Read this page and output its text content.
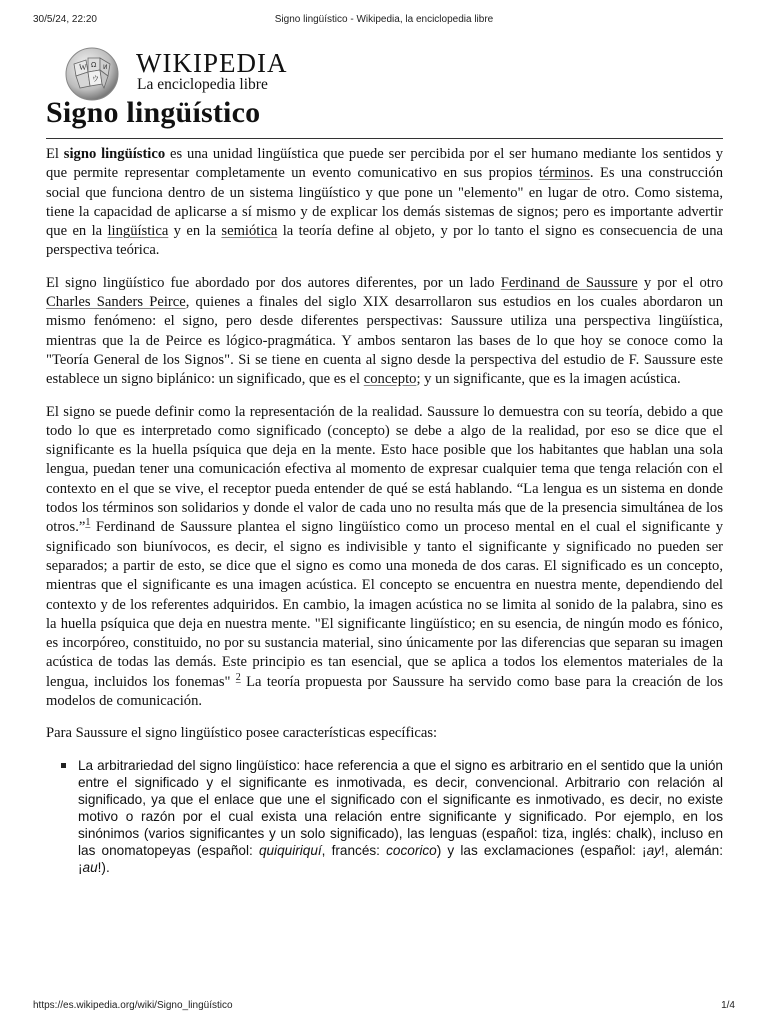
30/5/24, 22:20	Signo lingüístico - Wikipedia, la enciclopedia libre
W Ω
ウ
И WIKIPEDIA
La enciclopedia libre
Signo lingüístico

El signo lingüístico es una unidad lingüística que puede ser percibida por el ser humano mediante los sentidos y que permite representar completamente un evento comunicativo en sus propios términos. Es una construcción social que funciona dentro de un sistema lingüístico y que pone un "elemento" en lugar de otro. Como sistema, tiene la capacidad de aplicarse a sí mismo y de explicar los demás sistemas de signos; pero es importante advertir que en la lingüística y en la semiótica la teoría define al objeto, y por lo tanto el signo es consecuencia de una perspectiva teórica.

El signo lingüístico fue abordado por dos autores diferentes, por un lado Ferdinand de Saussure y por el otro Charles Sanders Peirce, quienes a finales del siglo XIX desarrollaron sus estudios en los cuales abordaron un mismo fenómeno: el signo, pero desde diferentes perspectivas: Saussure utiliza una perspectiva lingüística, mientras que la de Peirce es lógico-pragmática. Y ambos sentaron las bases de lo que hoy se conoce como la "Teoría General de los Signos". Si se tiene en cuenta al signo desde la perspectiva del estudio de F. Saussure este establece un signo biplánico: un significado, que es el concepto; y un significante, que es la imagen acústica.

El signo se puede definir como la representación de la realidad. Saussure lo demuestra con su teoría, debido a que todo lo que es interpretado como significado (concepto) se debe a algo de la realidad, por eso se dice que el significante es la huella psíquica que deja en la mente. Esto hace posible que los habitantes que hablan una sola lengua, puedan tener una comunicación efectiva al momento de expresar cualquier tema que tenga relación con el contexto en el que se vive, el receptor pueda entender de qué se está hablando. “La lengua es un sistema en donde todos los términos son solidarios y donde el valor de cada uno no resulta más que de la presencia simultánea de los otros.”$^1$ Ferdinand de Saussure plantea el signo lingüístico como un proceso mental en el cual el significante y significado son biunívocos, es decir, el signo es indivisible y tanto el significante y significado no pueden ser separados; a partir de esto, se dice que el signo es como una moneda de dos caras. El significado es un concepto, mientras que el significante es una imagen acústica. El concepto se encuentra en nuestra mente, dependiendo del contexto y de los referentes adquiridos. En cambio, la imagen acústica no se limita al sonido de la palabra, sino es la huella psíquica que deja en nuestra mente. "El significante lingüístico; en su esencia, de ningún modo es fónico, es incorpóreo, constituido, no por su sustancia material, sino únicamente por las diferencias que separan su imagen acústica de todas las demás. Este principio es tan esencial, que se aplica a todos los elementos materiales de la lengua, incluidos los fonemas" $^2$ La teoría propuesta por Saussure ha servido como base para la creación de los modelos de comunicación.

Para Saussure el signo lingüístico posee características específicas:

La arbitrariedad del signo lingüístico: hace referencia a que el signo es arbitrario en el sentido que la unión entre el significado y el significante es inmotivada, es decir, convencional. Arbitrario con relación al significado, ya que el enlace que une el significado con el significante es inmotivado, es decir, no existe motivo o razón por el cual exista una relación entre significante y significado. Por ejemplo, en los sinónimos (varios significantes y un solo significado), las lenguas (español: tiza, inglés: chalk), incluso en las onomatopeyas (español: quiquiriquí, francés: cocorico) y las exclamaciones (español: ¡ay!, alemán: ¡au!).
https://es.wikipedia.org/wiki/Signo_lingüístico	1/4
